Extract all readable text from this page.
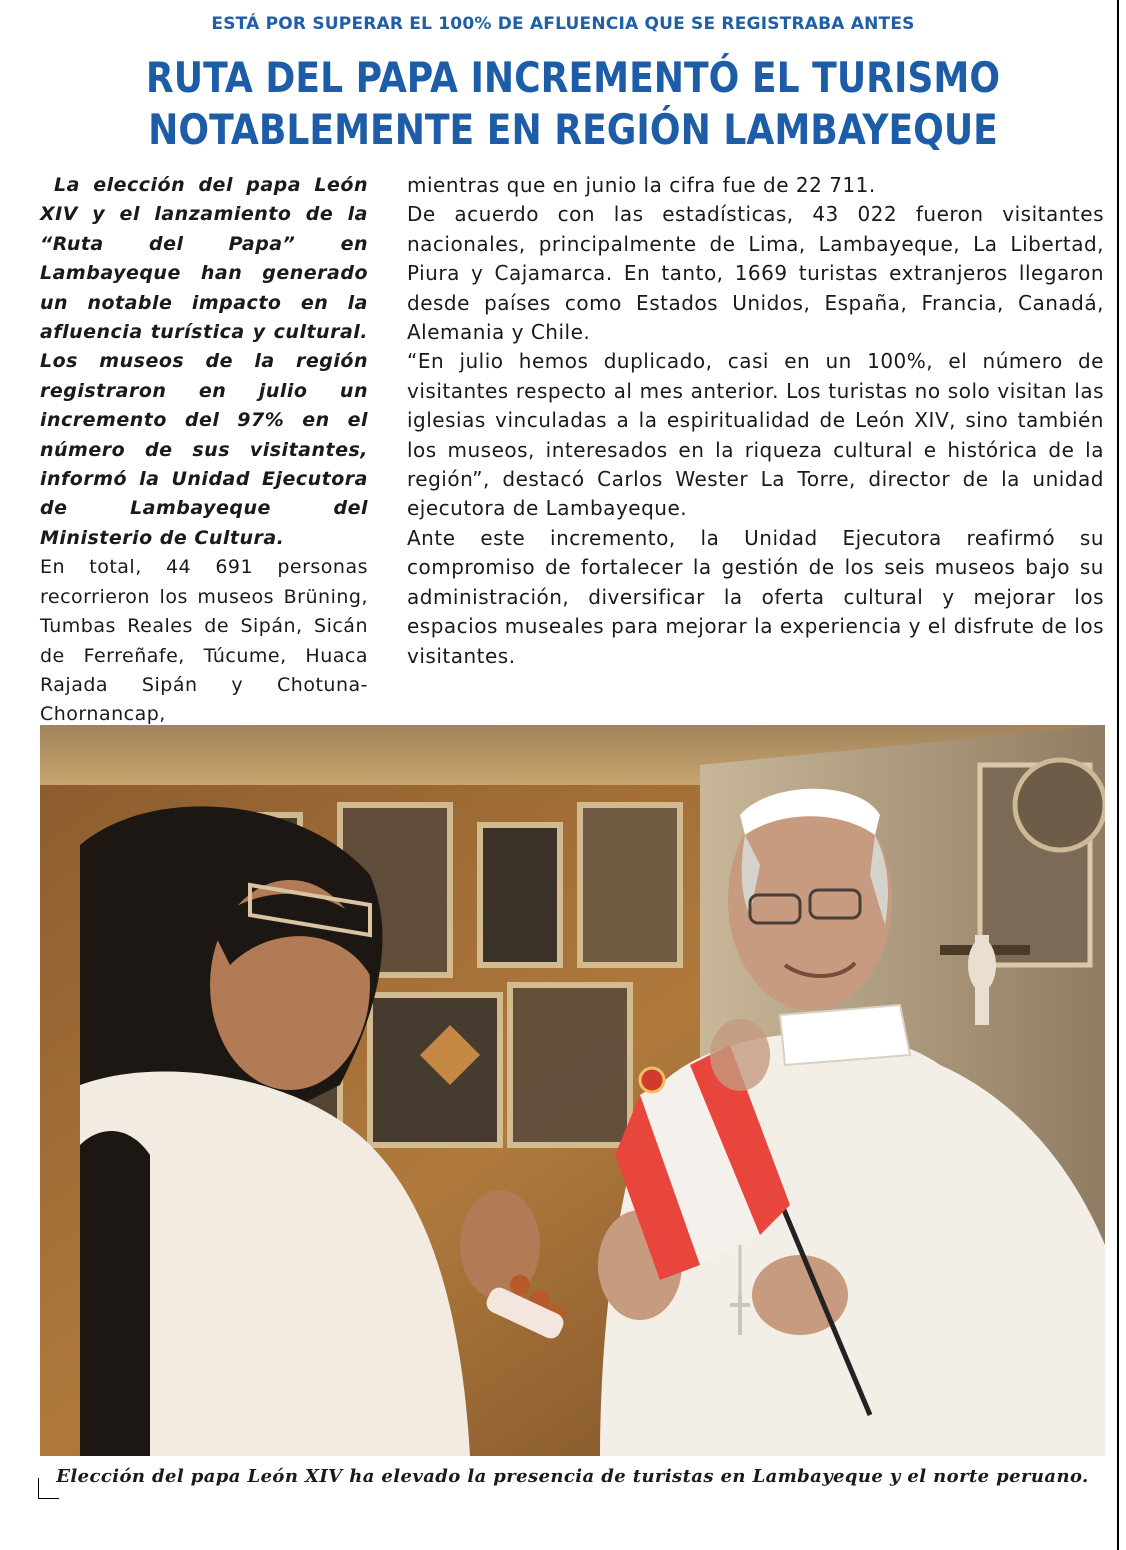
ESTÁ POR SUPERAR EL 100% DE AFLUENCIA QUE SE REGISTRABA ANTES
RUTA DEL PAPA INCREMENTÓ EL TURISMO
NOTABLEMENTE EN REGIÓN LAMBAYEQUE

La elección del papa León XIV y el lanzamiento de la “Ruta del Papa” en Lambayeque han generado un notable impacto en la afluencia turística y cultural. Los museos de la región registraron en julio un incremento del 97% en el número de sus visitantes, informó la Unidad Ejecutora de Lambayeque del Ministerio de Cultura.

En total, 44 691 personas recorrieron los museos Brüning, Tumbas Reales de Sipán, Sicán de Ferreñafe, Túcume, Huaca Rajada Sipán y Chotuna-Chornancap,

mientras que en junio la cifra fue de 22 711.

De acuerdo con las estadísticas, 43 022 fueron visitantes nacionales, principalmente de Lima, Lambayeque, La Libertad, Piura y Cajamarca. En tanto, 1669 turistas extranjeros llegaron desde países como Estados Unidos, España, Francia, Canadá, Alemania y Chile.

“En julio hemos duplicado, casi en un 100%, el número de visitantes respecto al mes anterior. Los turistas no solo visitan las iglesias vinculadas a la espiritualidad de León XIV, sino también los museos, interesados en la riqueza cultural e histórica de la región”, destacó Carlos Wester La Torre, director de la unidad ejecutora de Lambayeque.

Ante este incremento, la Unidad Ejecutora reafirmó su compromiso de fortalecer la gestión de los seis museos bajo su administración, diversificar la oferta cultural y mejorar los espacios museales para mejorar la experiencia y el disfrute de los visitantes.

Elección del papa León XIV ha elevado la presencia de turistas en Lambayeque y el norte peruano.
